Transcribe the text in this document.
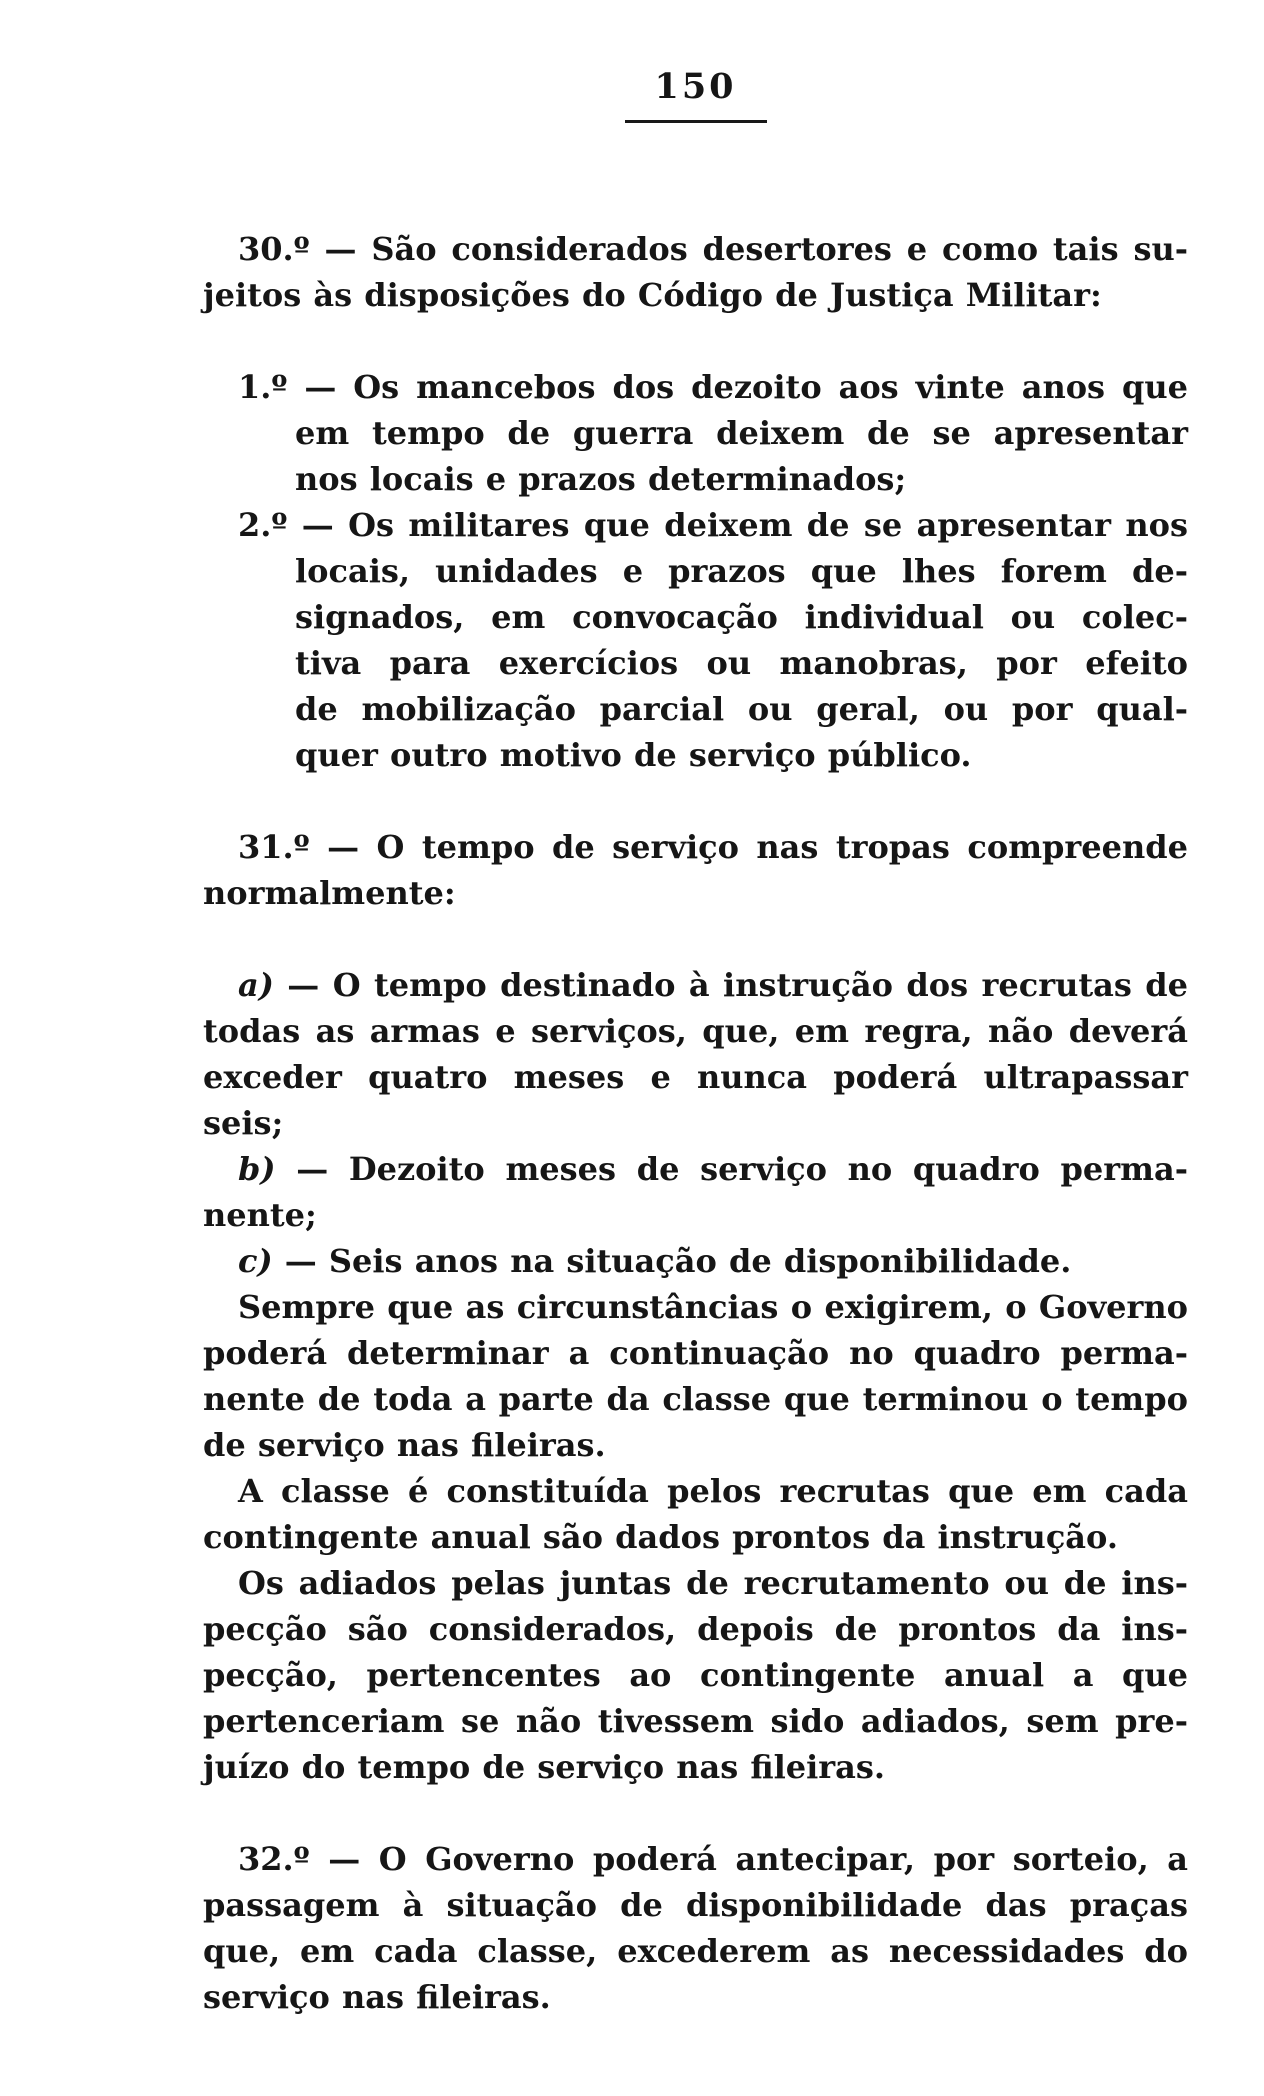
150
30.º — São considerados desertores e como tais su-
jeitos às disposições do Código de Justiça Militar:
1.º — Os mancebos dos dezoito aos vinte anos que
em tempo de guerra deixem de se apresentar
nos locais e prazos determinados;
2.º — Os militares que deixem de se apresentar nos
locais, unidades e prazos que lhes forem de-
signados, em convocação individual ou colec-
tiva para exercícios ou manobras, por efeito
de mobilização parcial ou geral, ou por qual-
quer outro motivo de serviço público.
31.º — O tempo de serviço nas tropas compreende
normalmente:
a) — O tempo destinado à instrução dos recrutas de
todas as armas e serviços, que, em regra, não deverá
exceder quatro meses e nunca poderá ultrapassar
seis;
b) — Dezoito meses de serviço no quadro perma-
nente;
c) — Seis anos na situação de disponibilidade.
Sempre que as circunstâncias o exigirem, o Governo
poderá determinar a continuação no quadro perma-
nente de toda a parte da classe que terminou o tempo
de serviço nas fileiras.
A classe é constituída pelos recrutas que em cada
contingente anual são dados prontos da instrução.
Os adiados pelas juntas de recrutamento ou de ins-
pecção são considerados, depois de prontos da ins-
pecção, pertencentes ao contingente anual a que
pertenceriam se não tivessem sido adiados, sem pre-
juízo do tempo de serviço nas fileiras.
32.º — O Governo poderá antecipar, por sorteio, a
passagem à situação de disponibilidade das praças
que, em cada classe, excederem as necessidades do
serviço nas fileiras.
